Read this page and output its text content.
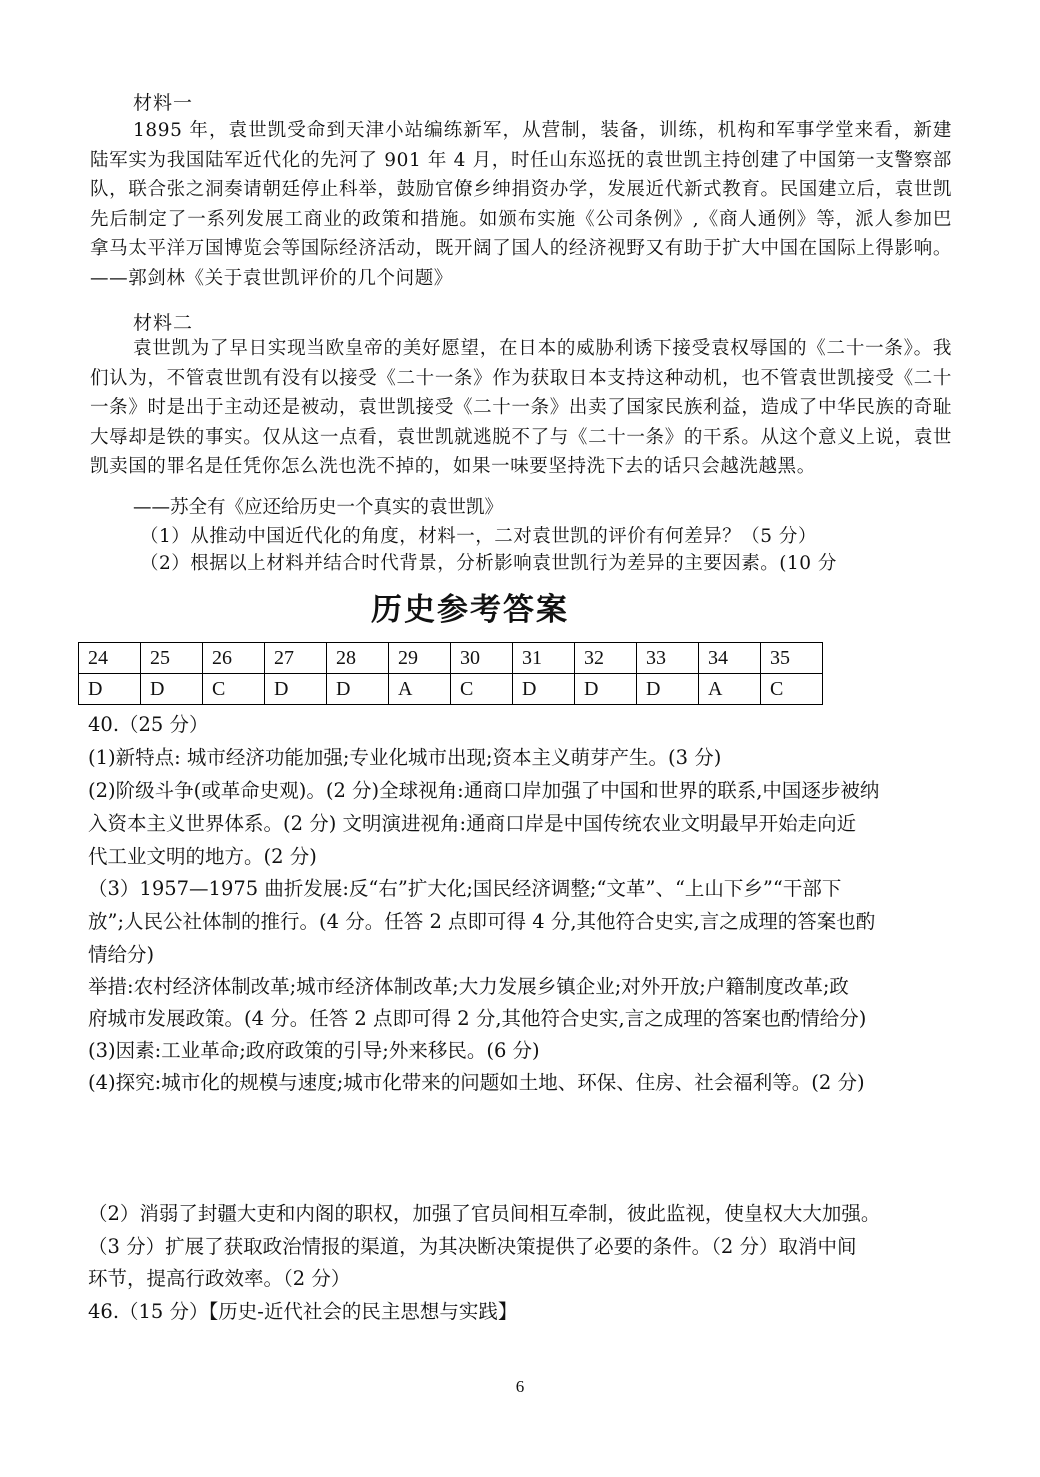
材料一
1895 年，袁世凯受命到天津小站编练新军，从营制，装备，训练，机构和军事学堂来看，新建陆军实为我国陆军近代化的先河了 901 年 4 月，时任山东巡抚的袁世凯主持创建了中国第一支警察部队，联合张之洞奏请朝廷停止科举，鼓励官僚乡绅捐资办学，发展近代新式教育。民国建立后，袁世凯先后制定了一系列发展工商业的政策和措施。如颁布实施《公司条例》,《商人通例》等，派人参加巴拿马太平洋万国博览会等国际经济活动，既开阔了国人的经济视野又有助于扩大中国在国际上得影响。——郭剑林《关于袁世凯评价的几个问题》
材料二
袁世凯为了早日实现当欧皇帝的美好愿望，在日本的威胁利诱下接受袁权辱国的《二十一条》。我们认为，不管袁世凯有没有以接受《二十一条》作为获取日本支持这种动机，也不管袁世凯接受《二十一条》时是出于主动还是被动，袁世凯接受《二十一条》出卖了国家民族利益，造成了中华民族的奇耻大辱却是铁的事实。仅从这一点看，袁世凯就逃脱不了与《二十一条》的干系。从这个意义上说，袁世凯卖国的罪名是任凭你怎么洗也洗不掉的，如果一味要坚持洗下去的话只会越洗越黑。
——苏全有《应还给历史一个真实的袁世凯》
（1）从推动中国近代化的角度，材料一，二对袁世凯的评价有何差异？（5 分）
（2）根据以上材料并结合时代背景，分析影响袁世凯行为差异的主要因素。(10 分
历史参考答案
24	25	26	27	28	29	30	31	32	33	34	35
D	D	C	D	D	A	C	D	D	D	A	C
40.（25 分）
(1)新特点: 城市经济功能加强;专业化城市出现;资本主义萌芽产生。(3 分)
(2)阶级斗争(或革命史观)。(2 分)全球视角:通商口岸加强了中国和世界的联系,中国逐步被纳
入资本主义世界体系。(2 分) 文明演进视角:通商口岸是中国传统农业文明最早开始走向近
代工业文明的地方。(2 分)
（3）1957—1975 曲折发展:反“右”扩大化;国民经济调整;“文革”、“上山下乡”“干部下
放”;人民公社体制的推行。(4 分。任答 2 点即可得 4 分,其他符合史实,言之成理的答案也酌
情给分)
举措:农村经济体制改革;城市经济体制改革;大力发展乡镇企业;对外开放;户籍制度改革;政
府城市发展政策。(4 分。任答 2 点即可得 2 分,其他符合史实,言之成理的答案也酌情给分)
(3)因素:工业革命;政府政策的引导;外来移民。(6 分)
(4)探究:城市化的规模与速度;城市化带来的问题如土地、环保、住房、社会福利等。(2 分)
（2）消弱了封疆大吏和内阁的职权，加强了官员间相互牵制，彼此监视，使皇权大大加强。
（3 分）扩展了获取政治情报的渠道，为其决断决策提供了必要的条件。（2 分）取消中间
环节，提高行政效率。（2 分）
46.（15 分）【历史-近代社会的民主思想与实践】
6
